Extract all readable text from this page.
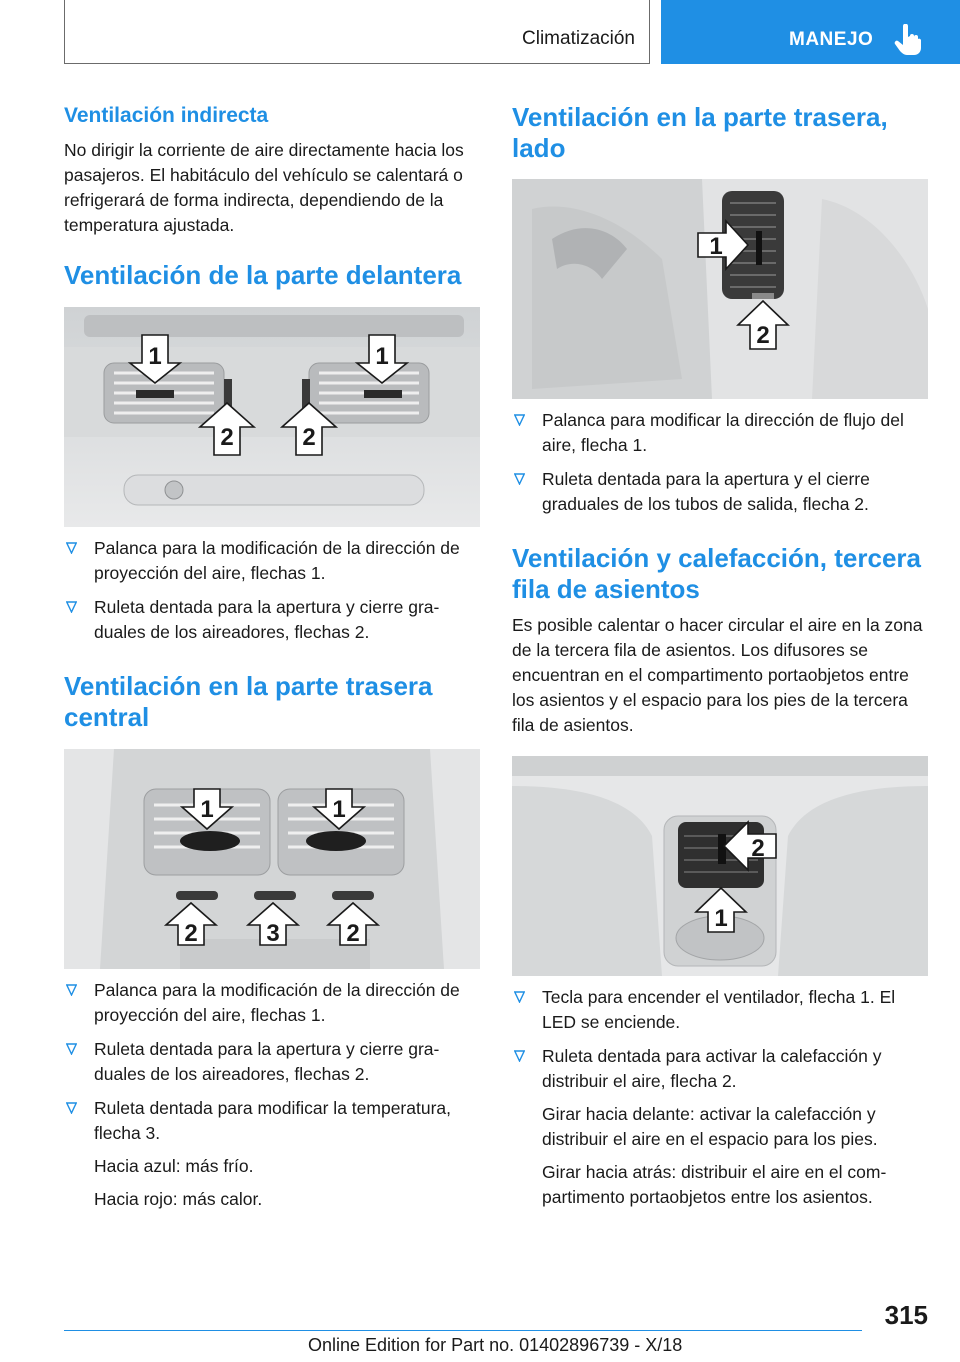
Climatización	MANEJO
Ventilación indirecta

No dirigir la corriente de aire directamente hacia los pasajeros. El habitáculo del vehículo se calentará o refrigerará de forma indirecta, dependiendo de la temperatura ajustada.

Ventilación de la parte delantera
1	1
2	2
Palanca para la modificación de la dirección de proyección del aire, flechas 1.
Ruleta dentada para la apertura y cierre graduales de los aireadores, flechas 2.
Ventilación en la parte trasera central
1	1
2	3	2
Palanca para la modificación de la dirección de proyección del aire, flechas 1.
Ruleta dentada para la apertura y cierre graduales de los aireadores, flechas 2.
Ruleta dentada para modificar la temperatura, flecha 3.

Hacia azul: más frío.

Hacia rojo: más calor.

Ventilación en la parte trasera, lado
1
2
Palanca para modificar la dirección de flujo del aire, flecha 1.
Ruleta dentada para la apertura y el cierre graduales de los tubos de salida, flecha 2.
Ventilación y calefacción, tercera fila de asientos

Es posible calentar o hacer circular el aire en la zona de la tercera fila de asientos. Los difusores se encuentran en el compartimento portaobjetos entre los asientos y el espacio para los pies de la tercera fila de asientos.

2
1
Tecla para encender el ventilador, flecha 1. El LED se enciende.
Ruleta dentada para activar la calefacción y distribuir el aire, flecha 2.

Girar hacia delante: activar la calefacción y distribuir el aire en el espacio para los pies.

Girar hacia atrás: distribuir el aire en el compartimento portaobjetos entre los asientos.

315
Online Edition for Part no. 01402896739 - X/18
